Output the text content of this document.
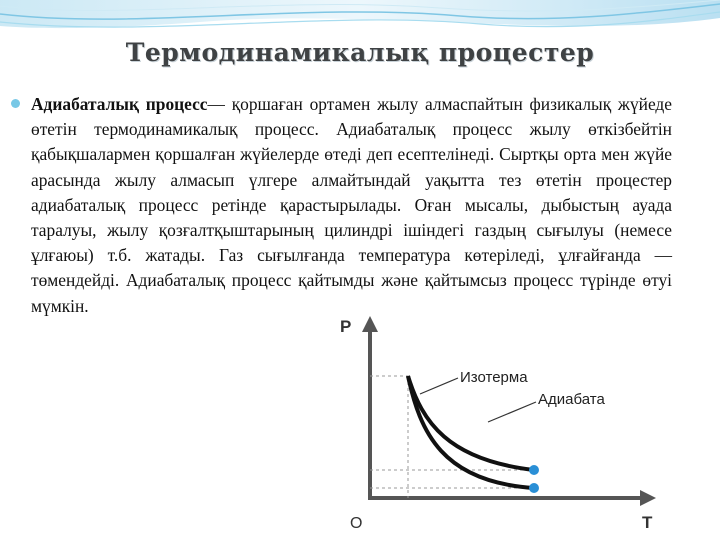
Термодинамикалық процестер
Адиабаталық процесс— қоршаған ортамен жылу алмаспайтын физикалық жүйеде өтетін термодинамикалық процесс. Адиабаталық процесс жылу өткізбейтін қабықшалармен қоршалған жүйелерде өтеді деп есептелінеді. Сыртқы орта мен жүйе арасында жылу алмасып үлгере алмайтындай уақытта тез өтетін процестер адиабаталық процесс ретінде қарастырылады. Оған мысалы, дыбыстың ауада таралуы, жылу қозғалтқыштарының цилиндрі ішіндегі газдың сығылуы (немесе ұлғаюы) т.б. жатады. Газ сығылғанда температура көтеріледі, ұлғайғанда — төмендейді. Адиабаталық процесс қайтымды және қайтымсыз процесс түрінде өтуі мүмкін.
P
T
O
Изотерма
Адиабата
